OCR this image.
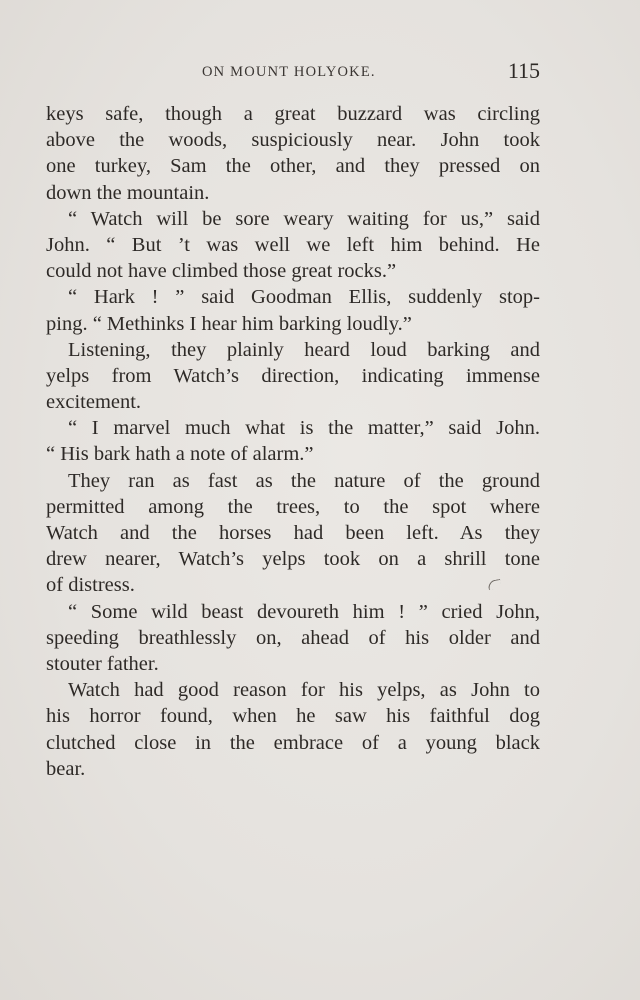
ON MOUNT HOLYOKE.	115
keys safe, though a great buzzard was circling
above the woods, suspiciously near. John took
one turkey, Sam the other, and they pressed on
down the mountain.
“ Watch will be sore weary waiting for us,” said
John. “ But ’t was well we left him behind. He
could not have climbed those great rocks.”
“ Hark ! ” said Goodman Ellis, suddenly stop-
ping. “ Methinks I hear him barking loudly.”
Listening, they plainly heard loud barking and
yelps from Watch’s direction, indicating immense
excitement.
“ I marvel much what is the matter,” said John.
“ His bark hath a note of alarm.”
They ran as fast as the nature of the ground
permitted among the trees, to the spot where
Watch and the horses had been left. As they
drew nearer, Watch’s yelps took on a shrill tone
of distress.
“ Some wild beast devoureth him ! ” cried John,
speeding breathlessly on, ahead of his older and
stouter father.
Watch had good reason for his yelps, as John to
his horror found, when he saw his faithful dog
clutched close in the embrace of a young black
bear.
